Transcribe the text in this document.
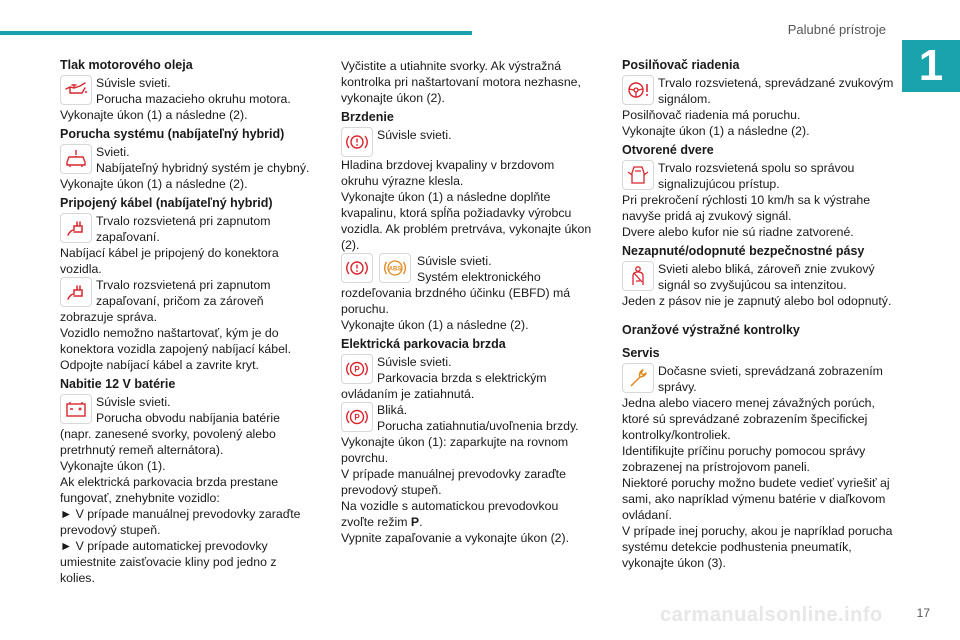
Palubné prístroje
1
Tlak motorového oleja

Súvisle svieti.

Porucha mazacieho okruhu motora.

Vykonajte úkon (1) a následne (2).

Porucha systému (nabíjateľný hybrid)

Svieti.

Nabíjateľný hybridný systém je chybný.

Vykonajte úkon (1) a následne (2).

Pripojený kábel (nabíjateľný hybrid)

Trvalo rozsvietená pri zapnutom zapaľovaní.

Nabíjací kábel je pripojený do konektora vozidla.

Trvalo rozsvietená pri zapnutom zapaľovaní, pričom za zároveň zobrazuje správa.

Vozidlo nemožno naštartovať, kým je do konektora vozidla zapojený nabíjací kábel.

Odpojte nabíjací kábel a zavrite kryt.

Nabitie 12 V batérie

Súvisle svieti.

Porucha obvodu nabíjania batérie (napr. zanesené svorky, povolený alebo pretrhnutý remeň alternátora).

Vykonajte úkon (1).

Ak elektrická parkovacia brzda prestane fungovať, znehybnite vozidlo:

► V prípade manuálnej prevodovky zaraďte prevodový stupeň.

► V prípade automatickej prevodovky umiestnite zaisťovacie kliny pod jedno z kolies.

Vyčistite a utiahnite svorky. Ak výstražná kontrolka pri naštartovaní motora nezhasne, vykonajte úkon (2).

Brzdenie

Súvisle svieti.

Hladina brzdovej kvapaliny v brzdovom okruhu výrazne klesla.

Vykonajte úkon (1) a následne doplňte kvapalinu, ktorá spĺňa požiadavky výrobcu vozidla. Ak problém pretrváva, vykonajte úkon (2).

ABS

Súvisle svieti.

Systém elektronického rozdeľovania brzdného účinku (EBFD) má poruchu.

Vykonajte úkon (1) a následne (2).

Elektrická parkovacia brzda
P

Súvisle svieti.

Parkovacia brzda s elektrickým ovládaním je zatiahnutá.

P

Bliká.

Porucha zatiahnutia/uvoľnenia brzdy.

Vykonajte úkon (1): zaparkujte na rovnom povrchu.

V prípade manuálnej prevodovky zaraďte prevodový stupeň.

Na vozidle s automatickou prevodovkou zvoľte režim P.

Vypnite zapaľovanie a vykonajte úkon (2).

Posilňovač riadenia

Trvalo rozsvietená, sprevádzané zvukovým signálom.

Posilňovač riadenia má poruchu.

Vykonajte úkon (1) a následne (2).

Otvorené dvere

Trvalo rozsvietená spolu so správou signalizujúcou prístup.

Pri prekročení rýchlosti 10 km/h sa k výstrahe navyše pridá aj zvukový signál.

Dvere alebo kufor nie sú riadne zatvorené.

Nezapnuté/odopnuté bezpečnostné pásy

Svieti alebo bliká, zároveň znie zvukový signál so zvyšujúcou sa intenzitou.

Jeden z pásov nie je zapnutý alebo bol odopnutý.

Oranžové výstražné kontrolky
Servis

Dočasne svieti, sprevádzaná zobrazením správy.

Jedna alebo viacero menej závažných porúch, ktoré sú sprevádzané zobrazením špecifickej kontrolky/kontroliek.

Identifikujte príčinu poruchy pomocou správy zobrazenej na prístrojovom paneli.

Niektoré poruchy možno budete vedieť vyriešiť aj sami, ako napríklad výmenu batérie v diaľkovom ovládaní.

V prípade inej poruchy, akou je napríklad porucha systému detekcie podhustenia pneumatík, vykonajte úkon (3).

17
carmanualsonline.info
